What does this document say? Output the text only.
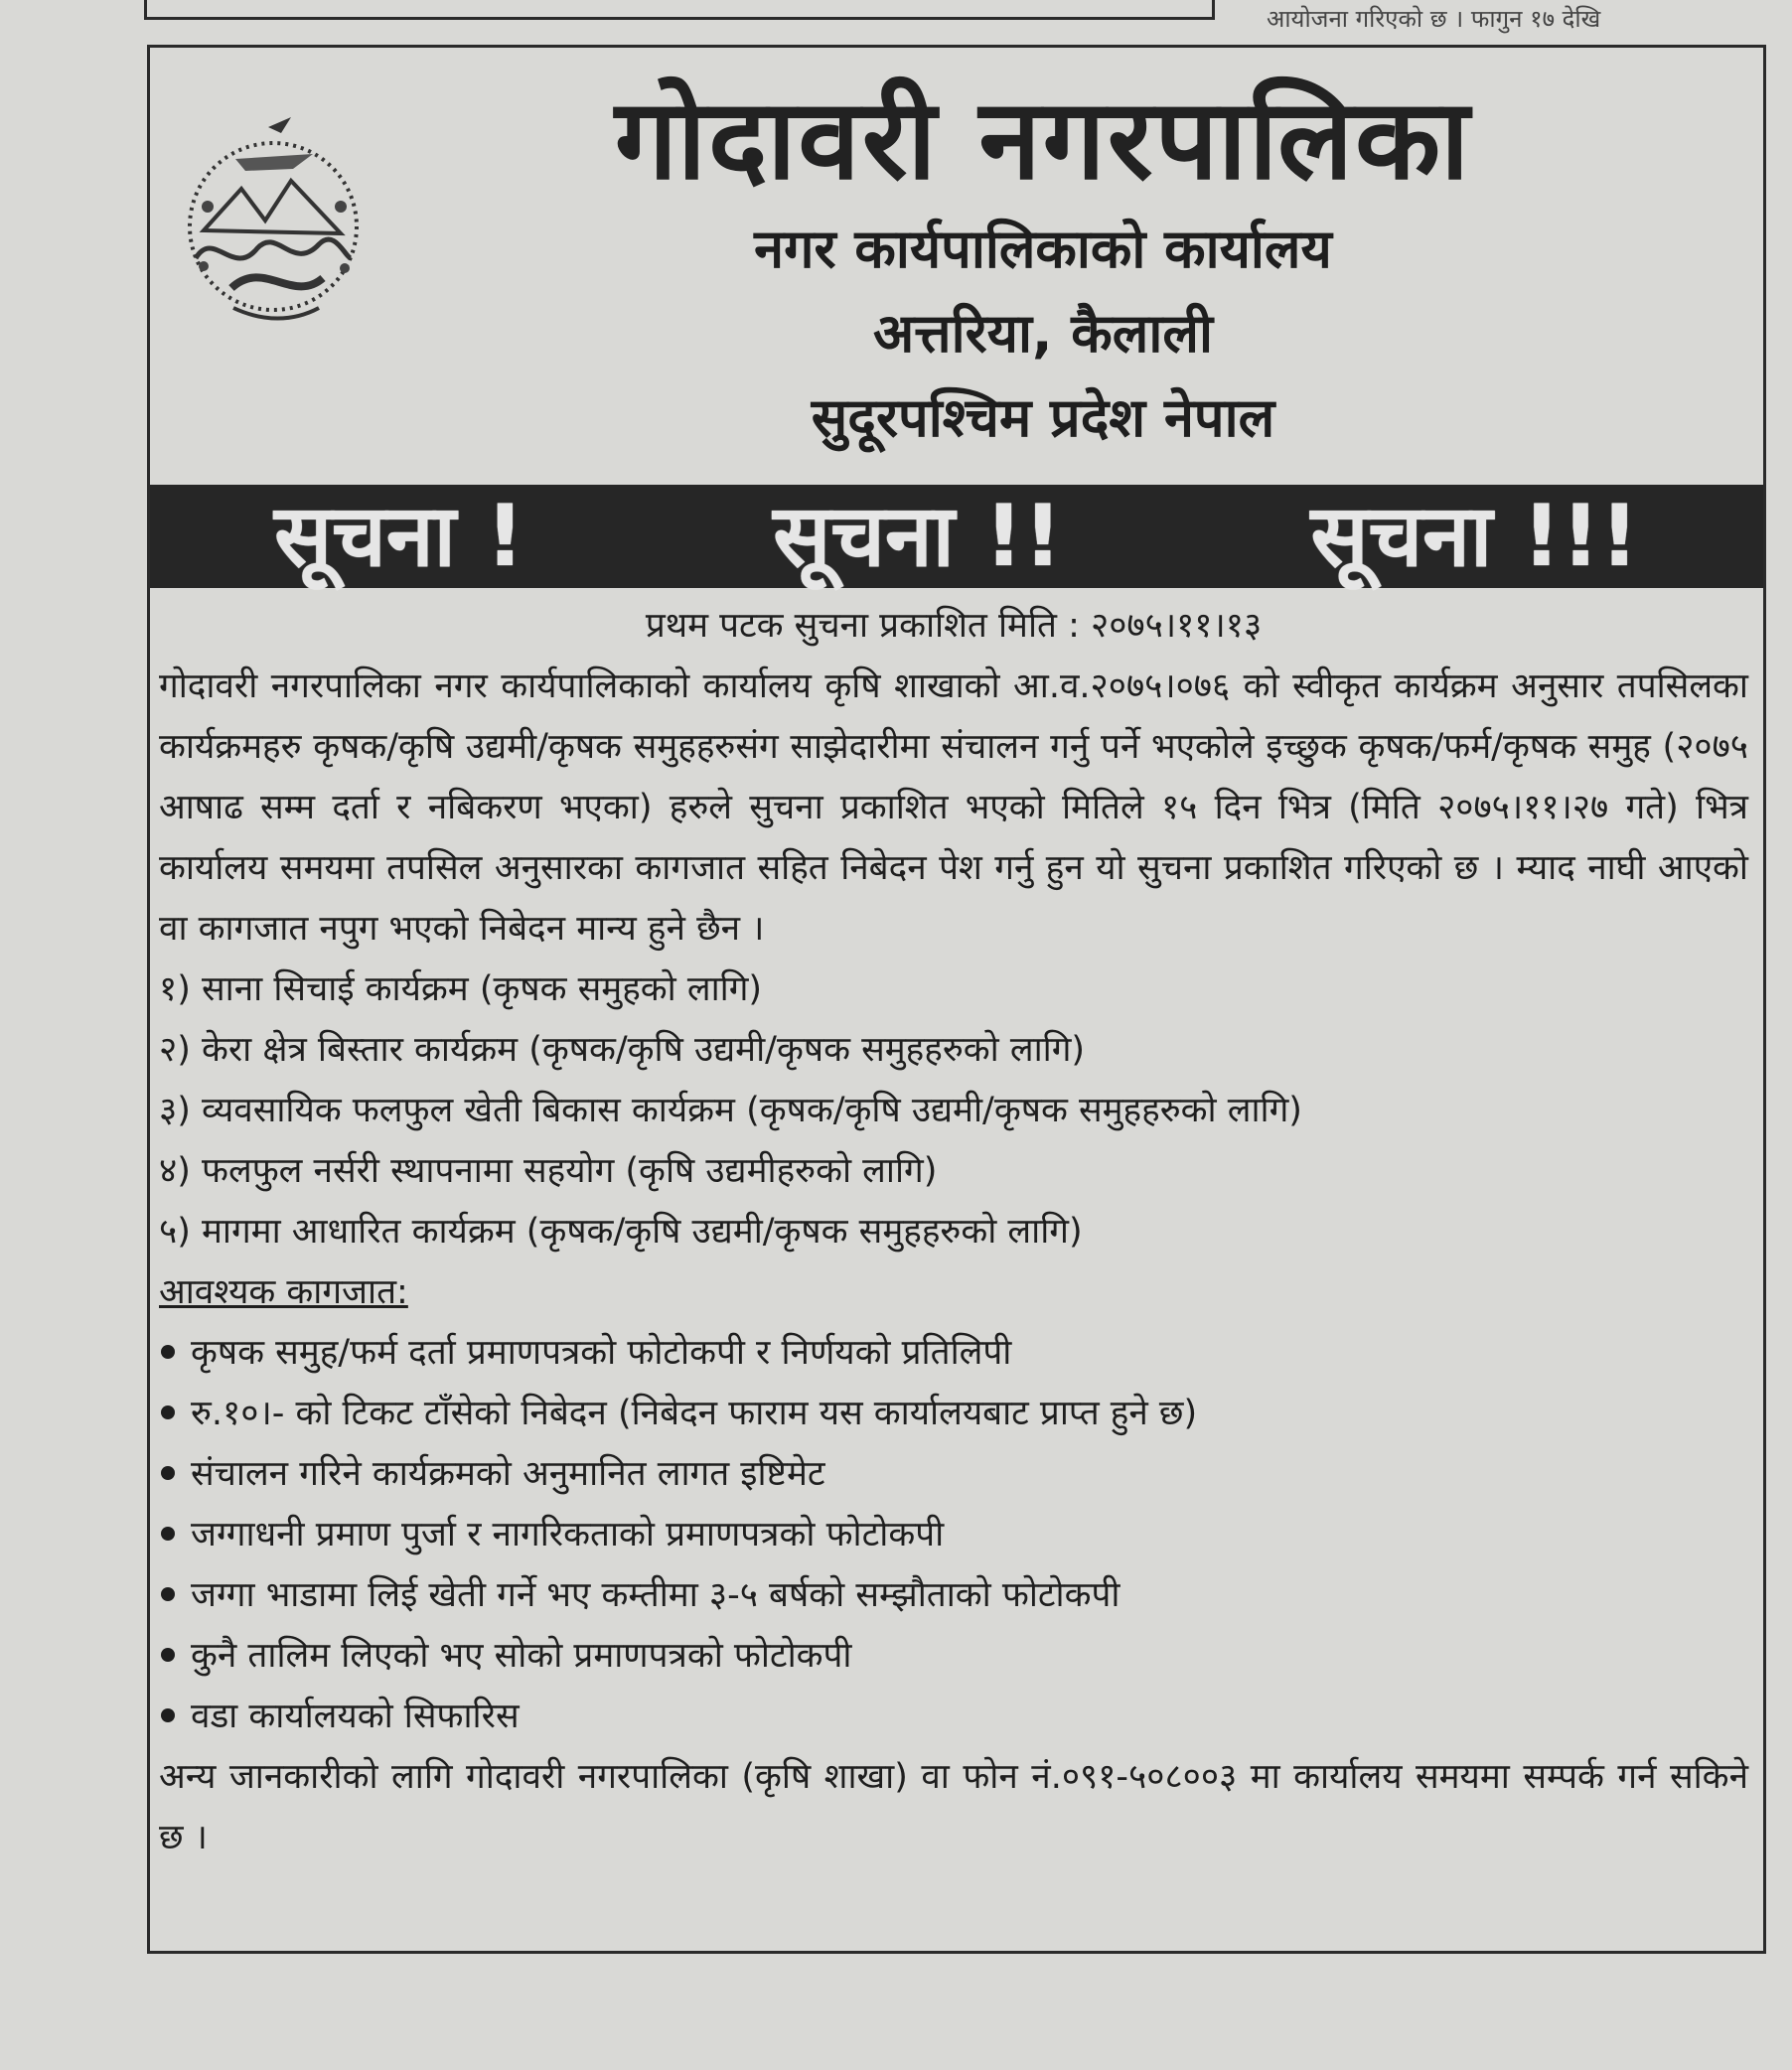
आयोजना गरिएको छ । फागुन १७ देखि
गोदावरी नगरपालिका
नगर कार्यपालिकाको कार्यालय
अत्तरिया, कैलाली
सुदूरपश्चिम प्रदेश नेपाल
सूचना !	सूचना !!	सूचना !!!
प्रथम पटक सुचना प्रकाशित मिति : २०७५।११।१३
गोदावरी नगरपालिका नगर कार्यपालिकाको कार्यालय कृषि शाखाको आ.व.२०७५।०७६ को स्वीकृत कार्यक्रम अनुसार तपसिलका कार्यक्रमहरु कृषक/कृषि उद्यमी/कृषक समुहहरुसंग साझेदारीमा संचालन गर्नु पर्ने भएकोले इच्छुक कृषक/फर्म/कृषक समुह (२०७५ आषाढ सम्म दर्ता र नबिकरण भएका) हरुले सुचना प्रकाशित भएको मितिले १५ दिन भित्र (मिति २०७५।११।२७ गते) भित्र कार्यालय समयमा तपसिल अनुसारका कागजात सहित निबेदन पेश गर्नु हुन यो सुचना प्रकाशित गरिएको छ । म्याद नाघी आएको वा कागजात नपुग भएको निबेदन मान्य हुने छैन ।
१) साना सिचाई कार्यक्रम (कृषक समुहको लागि)
२) केरा क्षेत्र बिस्तार कार्यक्रम (कृषक/कृषि उद्यमी/कृषक समुहहरुको लागि)
३) व्यवसायिक फलफुल खेती बिकास कार्यक्रम (कृषक/कृषि उद्यमी/कृषक समुहहरुको लागि)
४) फलफुल नर्सरी स्थापनामा सहयोग (कृषि उद्यमीहरुको लागि)
५) मागमा आधारित कार्यक्रम (कृषक/कृषि उद्यमी/कृषक समुहहरुको लागि)
आवश्यक कागजात:
कृषक समुह/फर्म दर्ता प्रमाणपत्रको फोटोकपी र निर्णयको प्रतिलिपी
रु.१०।- को टिकट टाँसेको निबेदन (निबेदन फाराम यस कार्यालयबाट प्राप्त हुने छ)
संचालन गरिने कार्यक्रमको अनुमानित लागत इष्टिमेट
जग्गाधनी प्रमाण पुर्जा र नागरिकताको प्रमाणपत्रको फोटोकपी
जग्गा भाडामा लिई खेती गर्ने भए कम्तीमा ३-५ बर्षको सम्झौताको फोटोकपी
कुनै तालिम लिएको भए सोको प्रमाणपत्रको फोटोकपी
वडा कार्यालयको सिफारिस
अन्य जानकारीको लागि गोदावरी नगरपालिका (कृषि शाखा) वा फोन नं.०९१-५०८००३ मा कार्यालय समयमा सम्पर्क गर्न सकिने छ ।
